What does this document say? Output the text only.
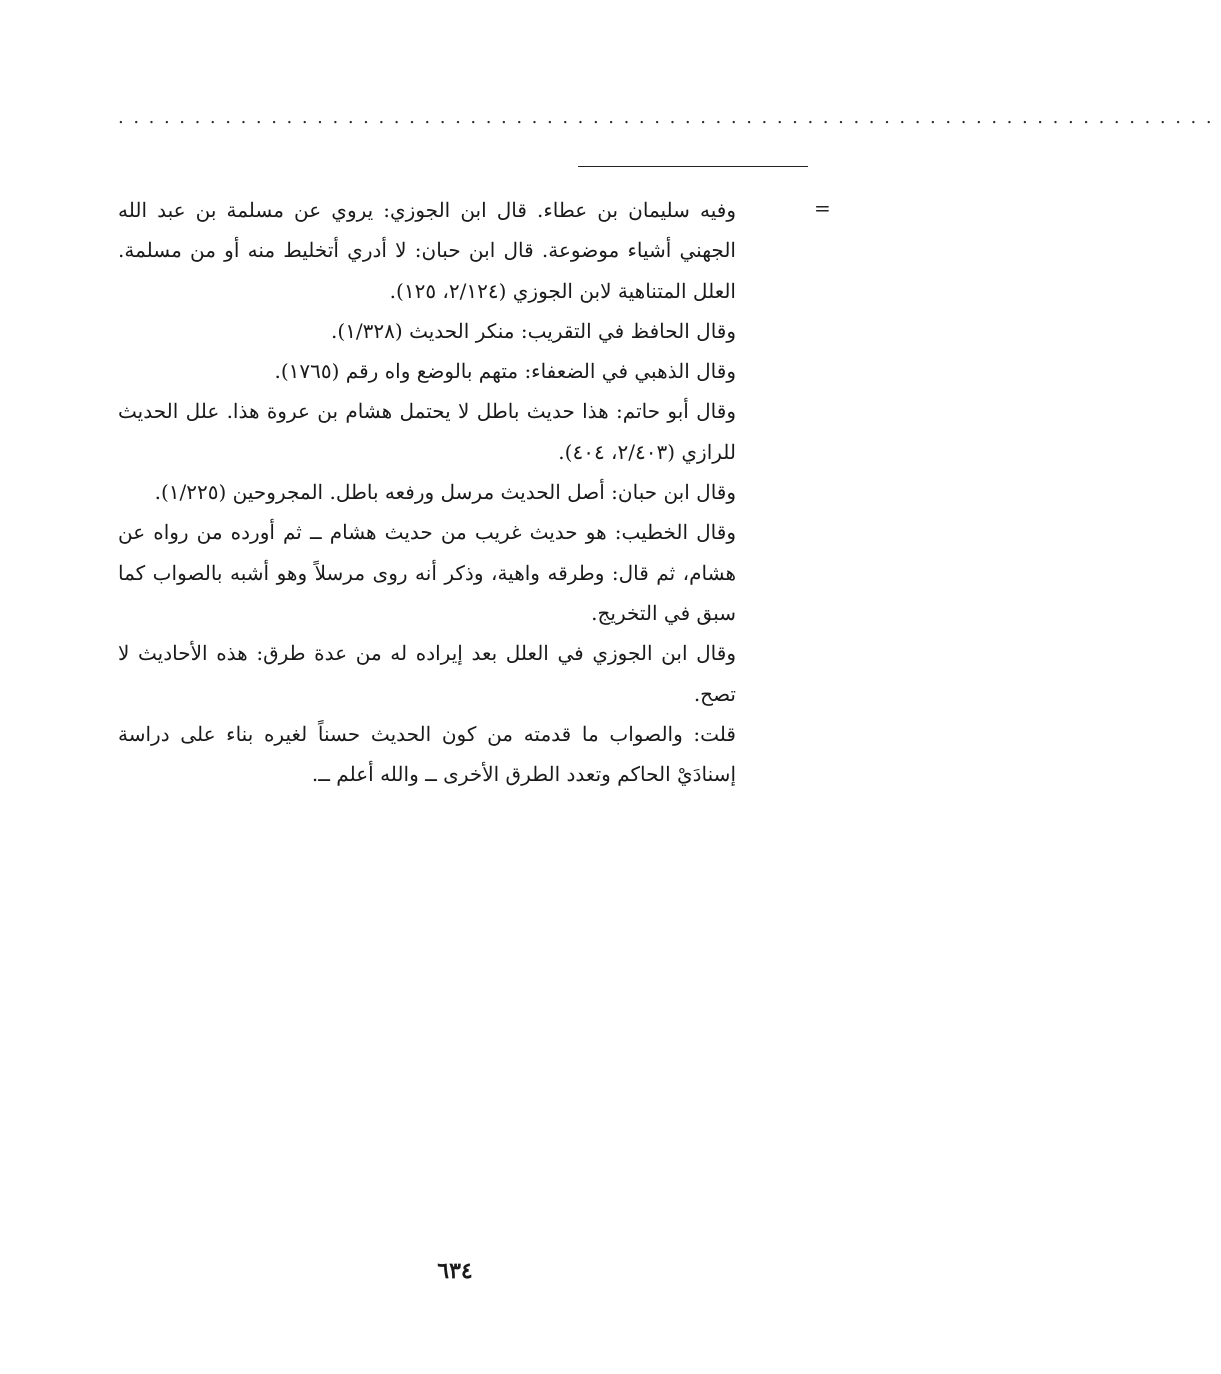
........................................................................
=

وفيه سليمان بن عطاء. قال ابن الجوزي: يروي عن مسلمة بن عبد الله الجهني أشياء موضوعة. قال ابن حبان: لا أدري أتخليط منه أو من مسلمة. العلل المتناهية لابن الجوزي (٢/١٢٤، ١٢٥).

وقال الحافظ في التقريب: منكر الحديث (١/٣٢٨).

وقال الذهبي في الضعفاء: متهم بالوضع واه رقم (١٧٦٥).

وقال أبو حاتم: هذا حديث باطل لا يحتمل هشام بن عروة هذا. علل الحديث للرازي (٢/٤٠٣، ٤٠٤).

وقال ابن حبان: أصل الحديث مرسل ورفعه باطل. المجروحين (١/٢٢٥).

وقال الخطيب: هو حديث غريب من حديث هشام ــ ثم أورده من رواه عن هشام، ثم قال: وطرقه واهية، وذكر أنه روى مرسلاً وهو أشبه بالصواب كما سبق في التخريج.

وقال ابن الجوزي في العلل بعد إيراده له من عدة طرق: هذه الأحاديث لا تصح.

قلت: والصواب ما قدمته من كون الحديث حسناً لغيره بناء على دراسة إسنادَيْ الحاكم وتعدد الطرق الأخرى ــ والله أعلم ــ.

٦٣٤
